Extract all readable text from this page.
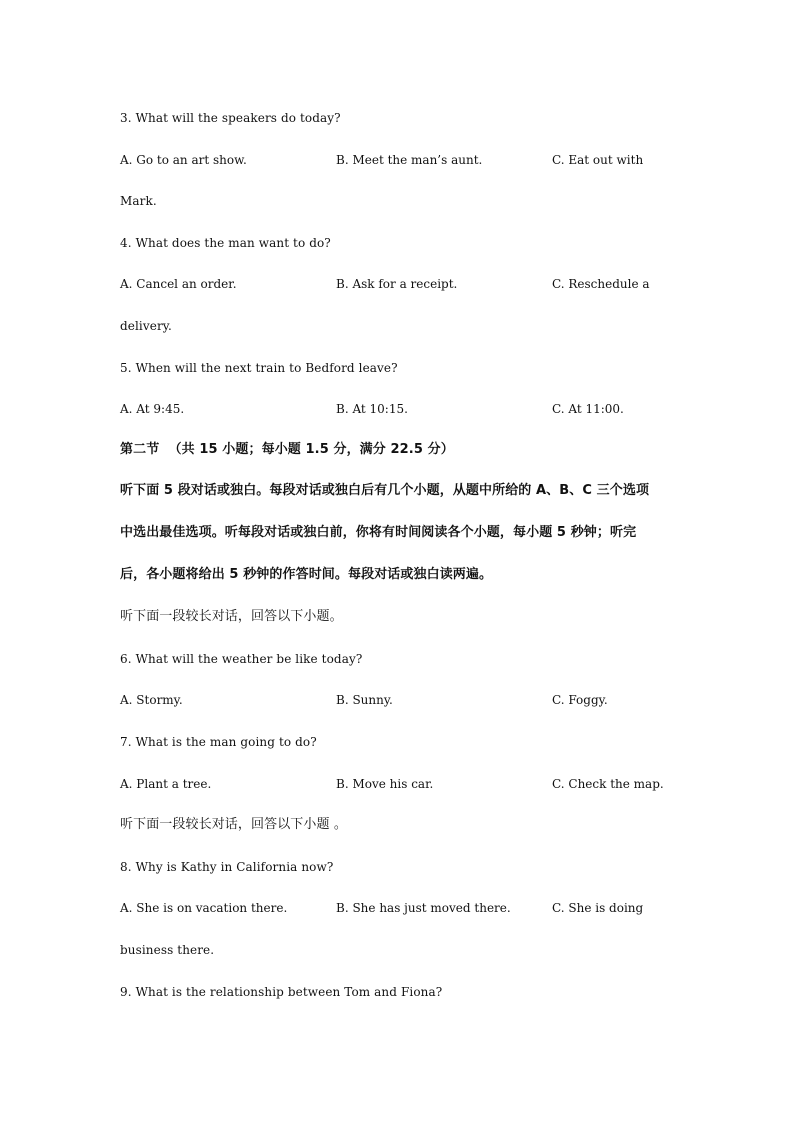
3. What will the speakers do today?
A. Go to an art show.	B. Meet the man’s aunt.	C. Eat out with
Mark.
4. What does the man want to do?
A. Cancel an order.	B. Ask for a receipt.	C. Reschedule a
delivery.
5. When will the next train to Bedford leave?
A. At 9:45.	B. At 10:15.	C. At 11:00.
第二节  （共 15 小题；每小题 1.5 分，满分 22.5 分）
听下面 5 段对话或独白。每段对话或独白后有几个小题，从题中所给的 A、B、C 三个选项
中选出最佳选项。听每段对话或独白前，你将有时间阅读各个小题，每小题 5 秒钟；听完
后，各小题将给出 5 秒钟的作答时间。每段对话或独白读两遍。
听下面一段较长对话，回答以下小题。
6. What will the weather be like today?
A. Stormy.	B. Sunny.	C. Foggy.
7. What is the man going to do?
A. Plant a tree.	B. Move his car.	C. Check the map.
听下面一段较长对话，回答以下小题 。
8. Why is Kathy in California now?
A. She is on vacation there.	B. She has just moved there.	C. She is doing
business there.
9. What is the relationship between Tom and Fiona?
